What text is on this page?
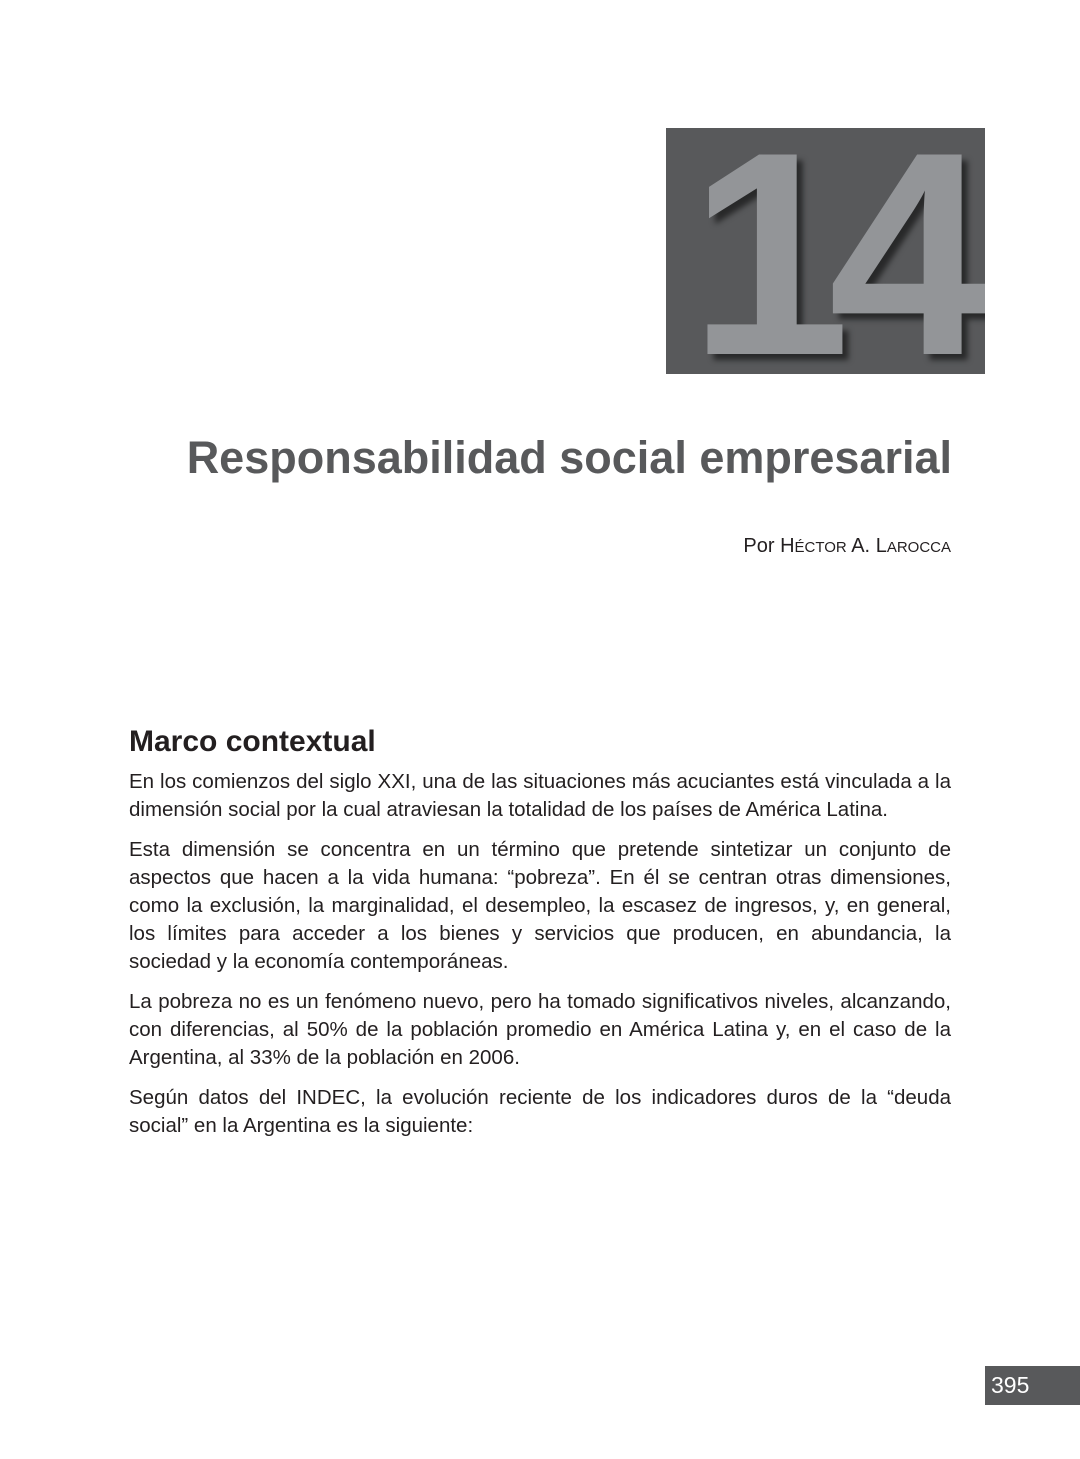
14
Responsabilidad social empresarial
Por HÉCTOR A. LAROCCA
Marco contextual

En los comienzos del siglo XXI, una de las situaciones más acuciantes está vinculada a la dimensión social por la cual atraviesan la totalidad de los países de América Latina.

Esta dimensión se concentra en un término que pretende sintetizar un conjunto de aspectos que hacen a la vida humana: “pobreza”. En él se centran otras dimensiones, como la exclusión, la marginalidad, el desempleo, la escasez de ingresos, y, en general, los límites para acceder a los bienes y servicios que producen, en abundancia, la sociedad y la economía contemporáneas.

La pobreza no es un fenómeno nuevo, pero ha tomado significativos niveles, alcanzando, con diferencias, al 50% de la población promedio en América Latina y, en el caso de la Argentina, al 33% de la población en 2006.

Según datos del INDEC, la evolución reciente de los indicadores duros de la “deuda social” en la Argentina es la siguiente:

395
